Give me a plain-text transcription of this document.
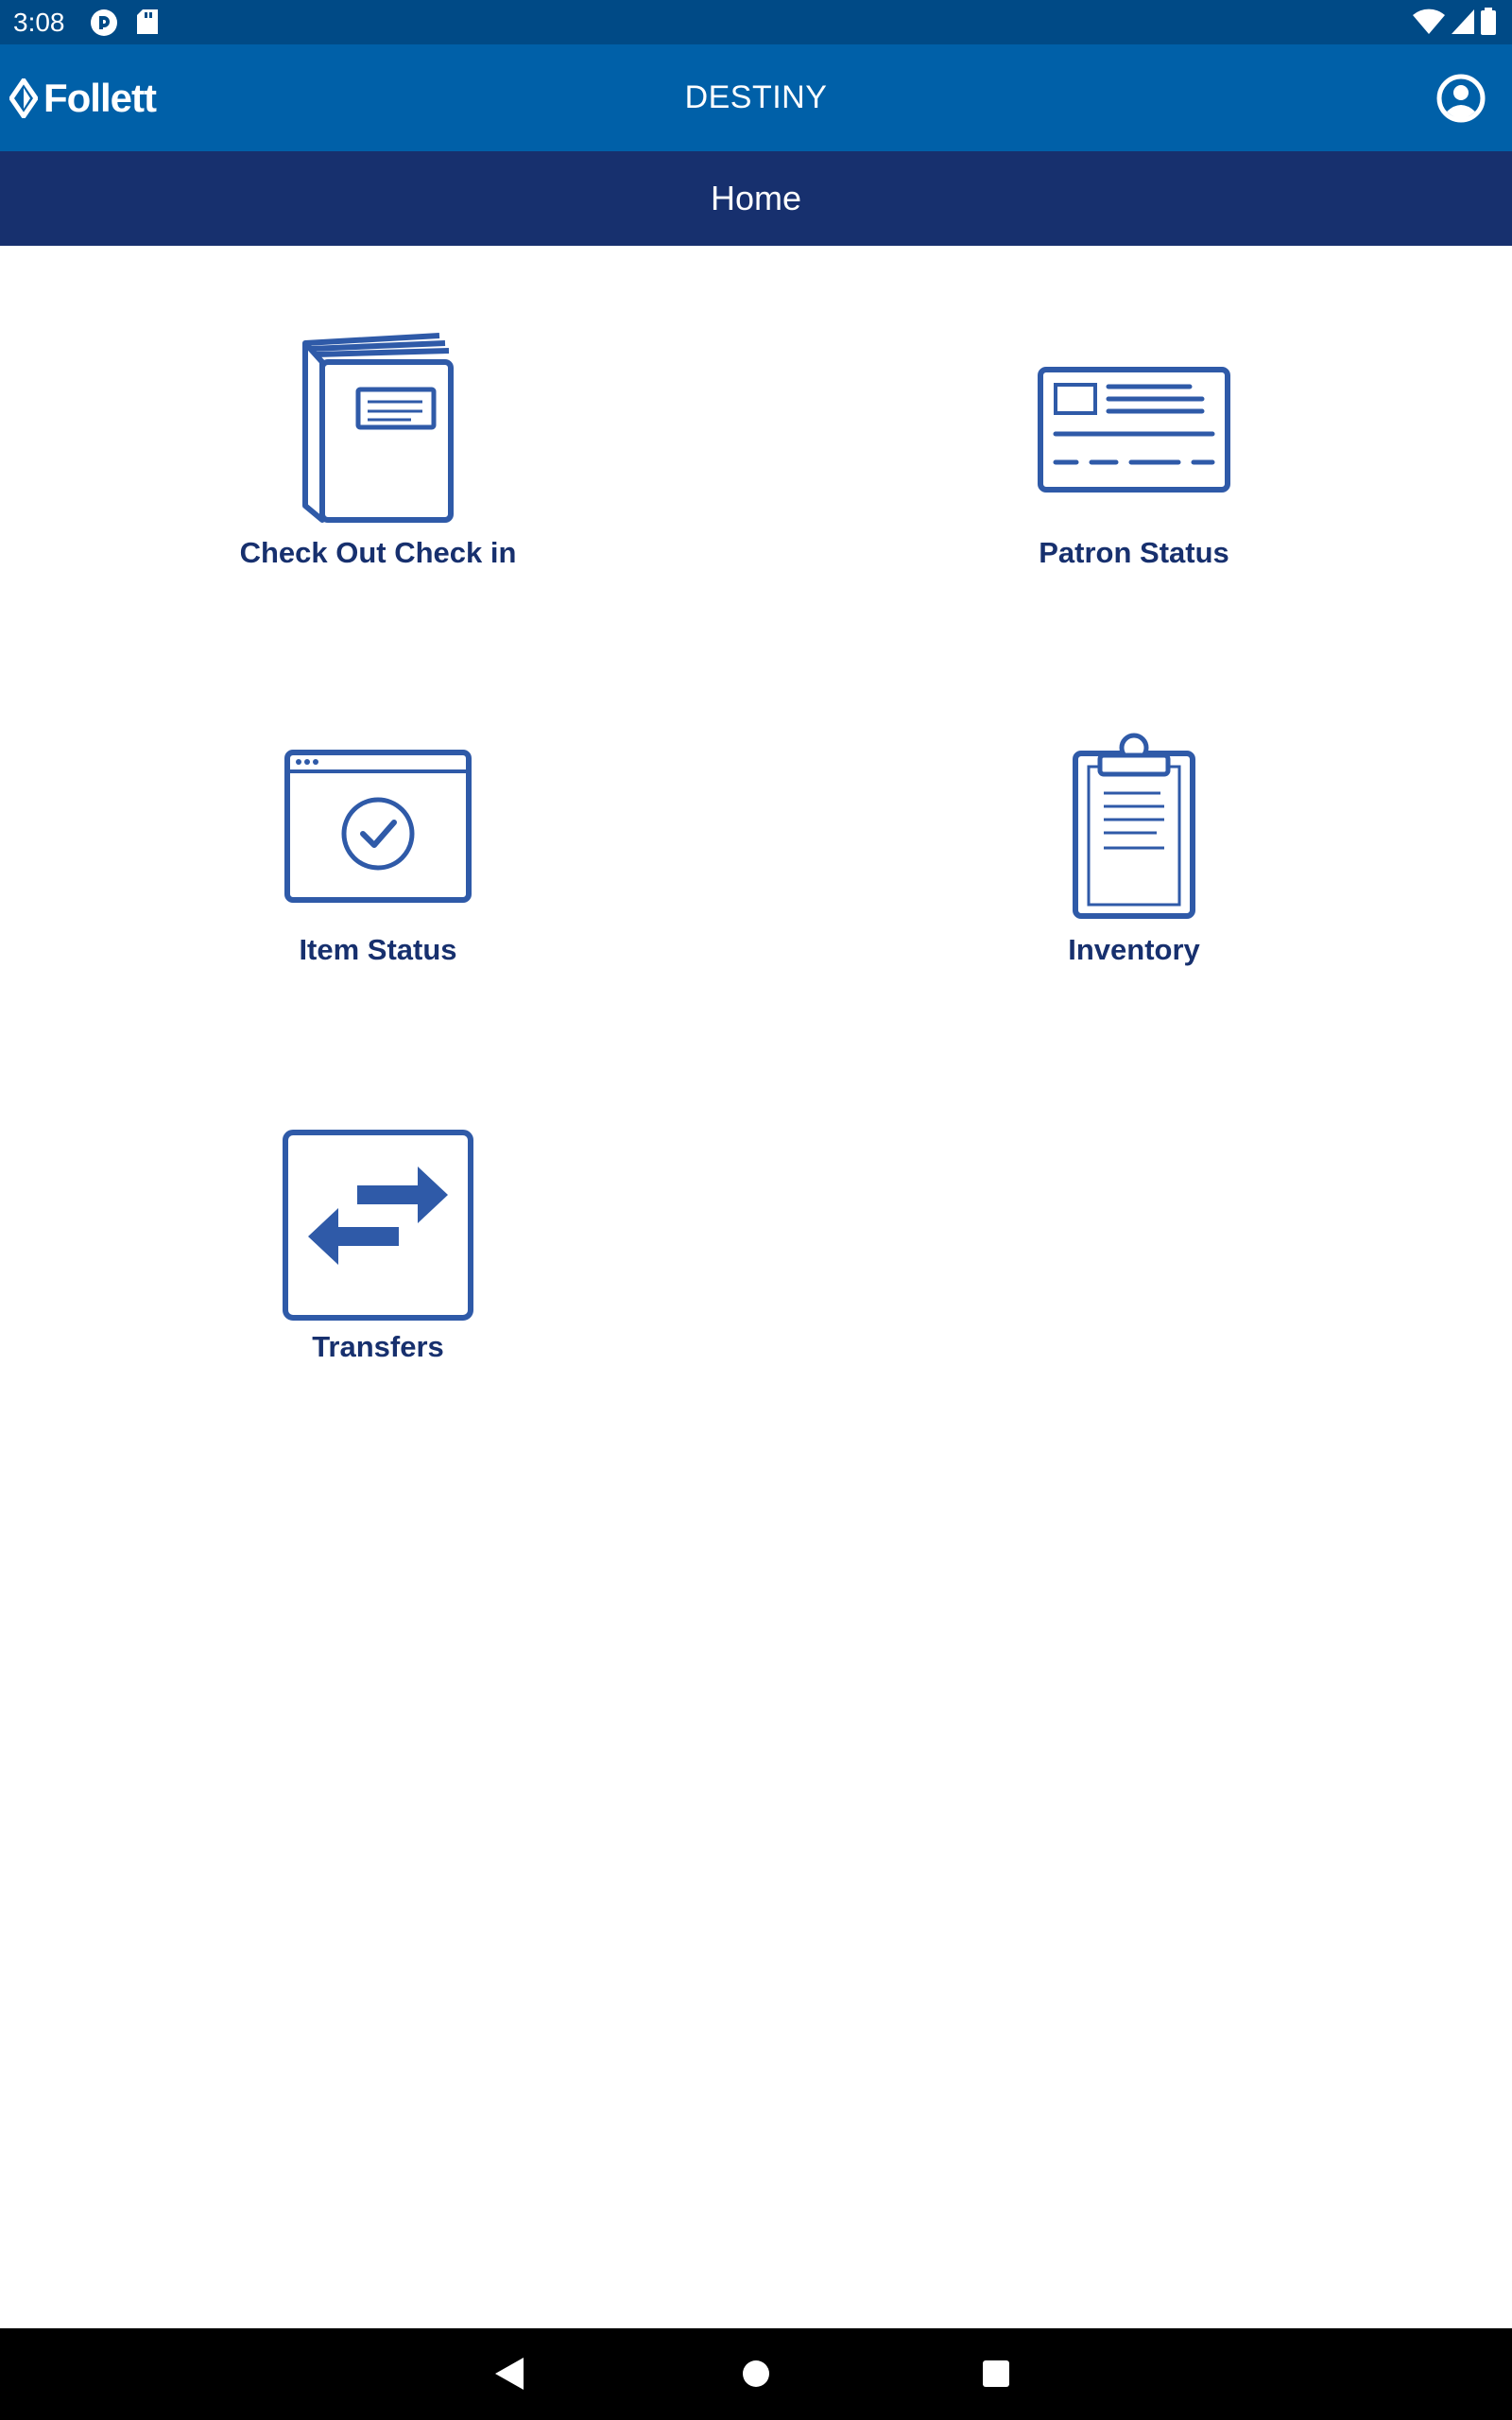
3:08
Follett	DESTINY
Home
Check Out Check in	Patron Status
Item Status	Inventory
Transfers
